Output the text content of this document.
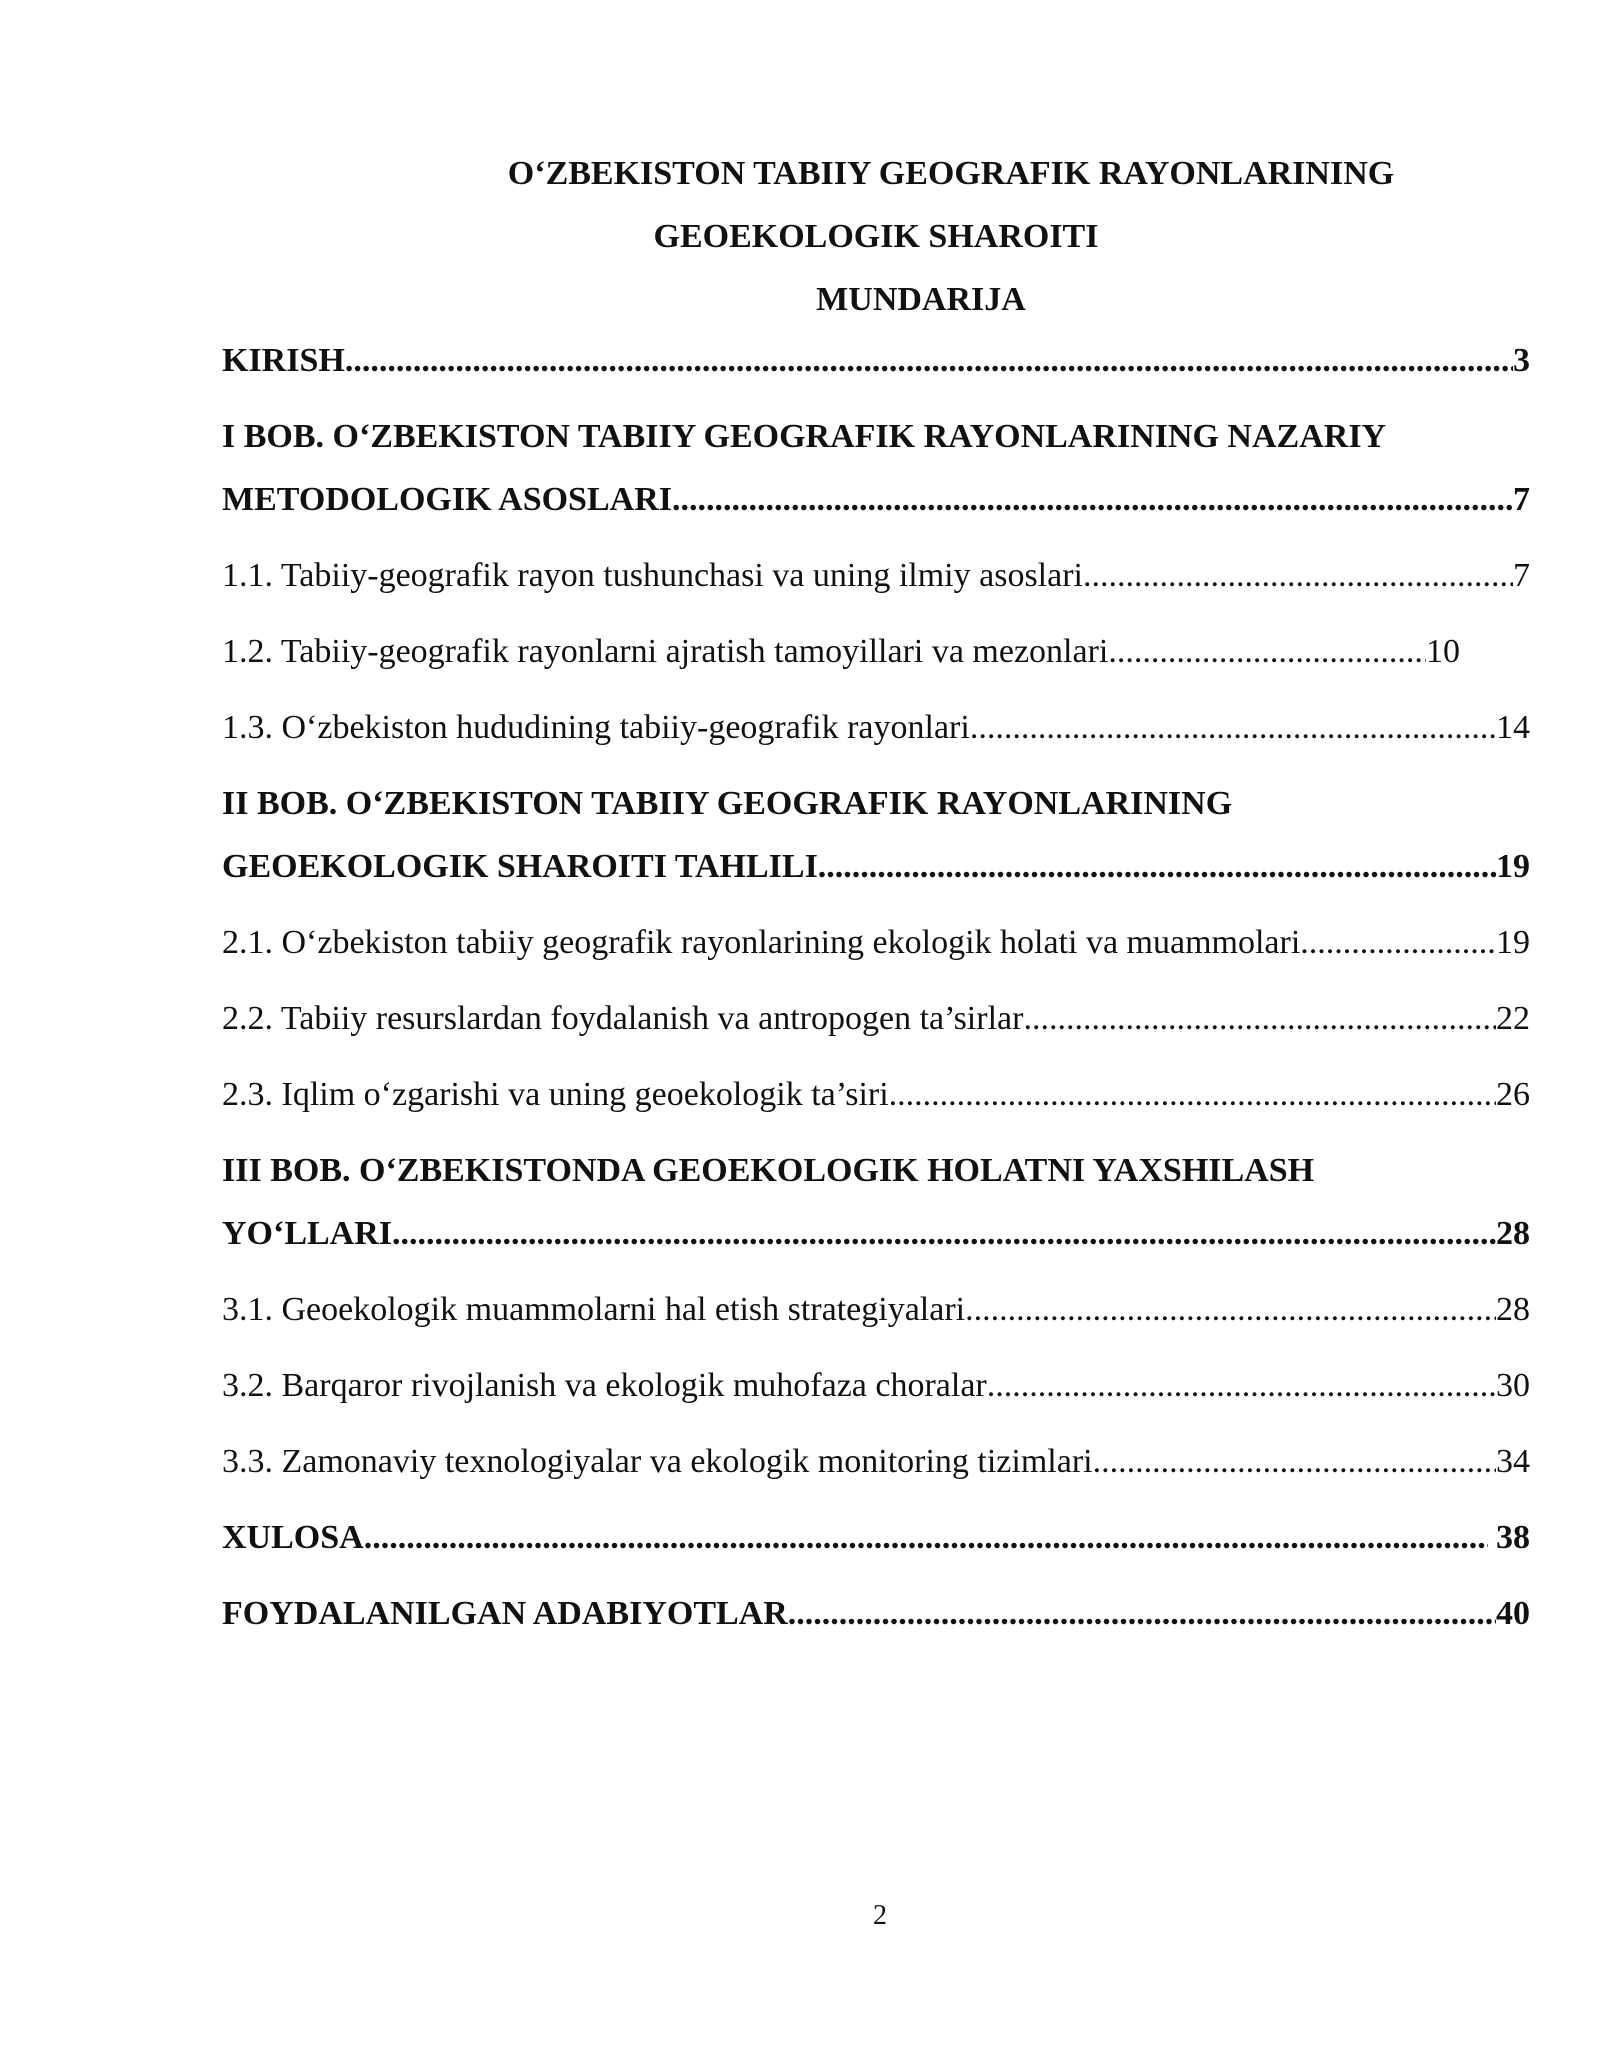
O‘ZBEKISTON TABIIY GEOGRAFIK RAYONLARINING
GEOEKOLOGIK SHAROITI
MUNDARIJA
KIRISH .....	3
I BOB. O‘ZBEKISTON TABIIY GEOGRAFIK RAYONLARINING NAZARIY
METODOLOGIK ASOSLARI .....	7
1.1. Tabiiy-geografik rayon tushunchasi va uning ilmiy asoslari .....	7
1.2. Tabiiy-geografik rayonlarni ajratish tamoyillari va mezonlari .....	10
1.3. O‘zbekiston hududining tabiiy-geografik rayonlari .....	14
II BOB. O‘ZBEKISTON TABIIY GEOGRAFIK RAYONLARINING
GEOEKOLOGIK SHAROITI TAHLILI .....	19
2.1. O‘zbekiston tabiiy geografik rayonlarining ekologik holati va muammolari .....	19
2.2. Tabiiy resurslardan foydalanish va antropogen ta’sirlar .....	22
2.3. Iqlim o‘zgarishi va uning geoekologik ta’siri .....	26
III BOB. O‘ZBEKISTONDA GEOEKOLOGIK HOLATNI YAXSHILASH
YO‘LLARI .....	28
3.1. Geoekologik muammolarni hal etish strategiyalari .....	28
3.2. Barqaror rivojlanish va ekologik muhofaza choralar .....	30
3.3. Zamonaviy texnologiyalar va ekologik monitoring tizimlari .....	34
XULOSA .....	38
FOYDALANILGAN ADABIYOTLAR .....	40
2
